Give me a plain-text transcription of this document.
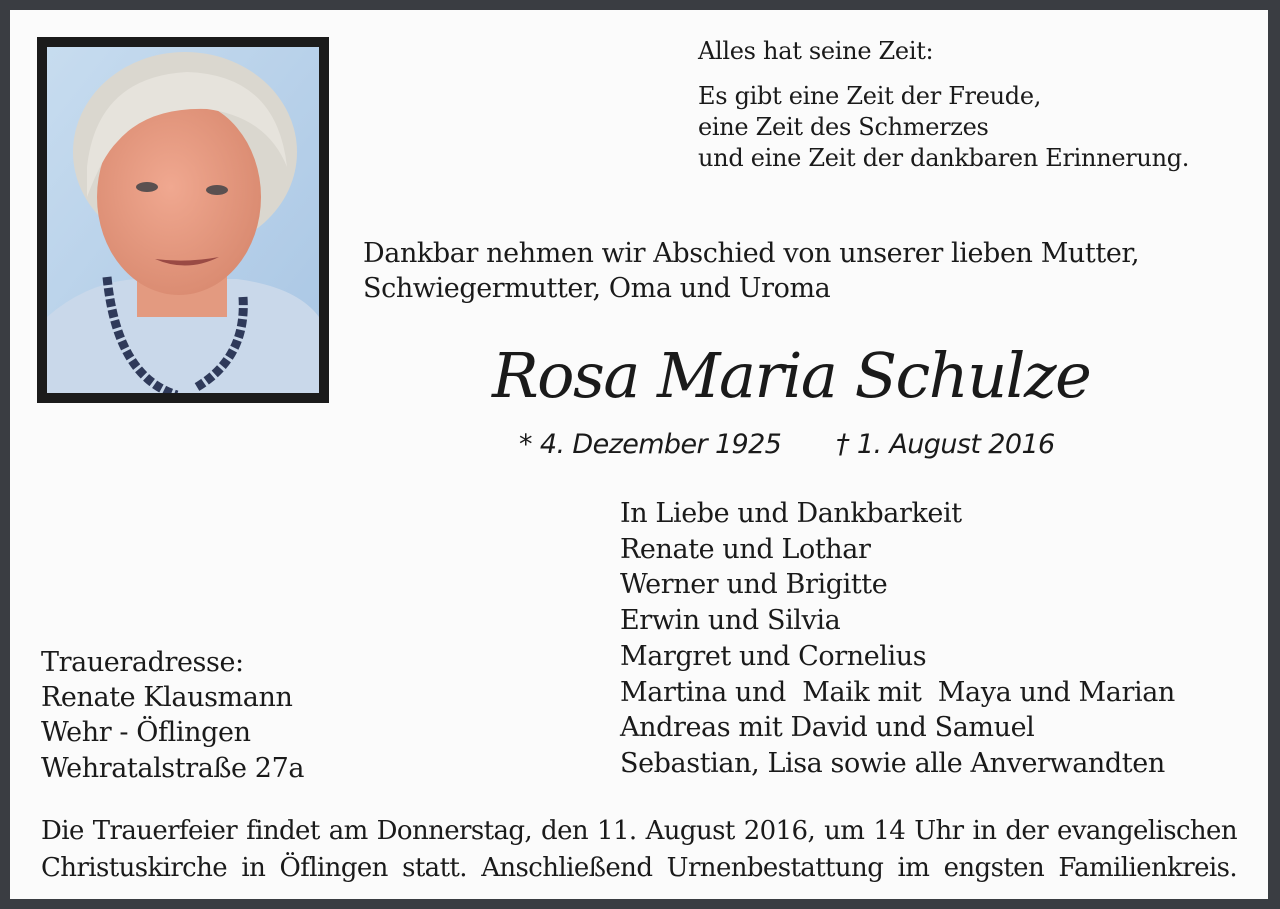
Alles hat seine Zeit:
Es gibt eine Zeit der Freude,
eine Zeit des Schmerzes
und eine Zeit der dankbaren Erinnerung.
Dankbar nehmen wir Abschied von unserer lieben Mutter,
Schwiegermutter, Oma und Uroma
Rosa Maria Schulze
* 4. Dezember 1925 † 1. August 2016
In Liebe und Dankbarkeit
Renate und Lothar
Werner und Brigitte
Erwin und Silvia
Margret und Cornelius
Martina und  Maik mit  Maya und Marian
Andreas mit David und Samuel
Sebastian, Lisa sowie alle Anverwandten
Traueradresse:
Renate Klausmann
Wehr - Öflingen
Wehratalstraße 27a
Die Trauerfeier findet am Donnerstag, den 11. August 2016, um 14 Uhr in der evangelischen
Christuskirche in Öflingen statt. Anschließend Urnenbestattung im engsten Familienkreis.
